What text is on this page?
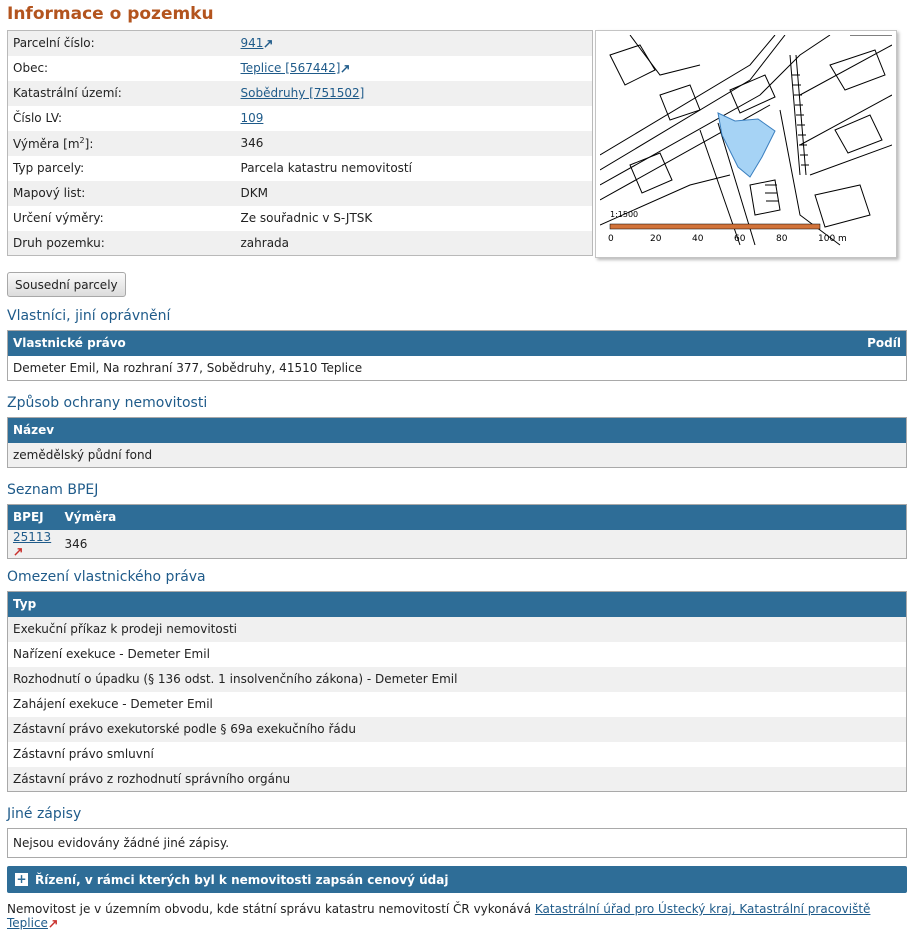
Informace o pozemku
Parcelní číslo:	941
Obec:	Teplice [567442]
Katastrální území:	Sobědruhy [751502]
Číslo LV:	109
Výměra $[m^2]$:	346
Typ parcely:	Parcela katastru nemovitostí
Mapový list:	DKM
Určení výměry:	Ze souřadnic v S-JTSK
Druh pozemku:	zahrada
1:1500
0	20	40	60	80	100 m
Sousední parcely
Vlastníci, jiní oprávnění
Vlastnické právo	Podíl
Demeter Emil, Na rozhraní 377, Sobědruhy, 41510 Teplice
Způsob ochrany nemovitosti
Název
zemědělský půdní fond
Seznam BPEJ
BPEJ	Výměra
25113	346
Omezení vlastnického práva
Typ
Exekuční příkaz k prodeji nemovitosti
Nařízení exekuce - Demeter Emil
Rozhodnutí o úpadku (§ 136 odst. 1 insolvenčního zákona) - Demeter Emil
Zahájení exekuce - Demeter Emil
Zástavní právo exekutorské podle § 69a exekučního řádu
Zástavní právo smluvní
Zástavní právo z rozhodnutí správního orgánu
Jiné zápisy
Nejsou evidovány žádné jiné zápisy.
+ Řízení, v rámci kterých byl k nemovitosti zapsán cenový údaj
Nemovitost je v územním obvodu, kde státní správu katastru nemovitostí ČR vykonává Katastrální úřad pro Ústecký kraj, Katastrální pracoviště Teplice
